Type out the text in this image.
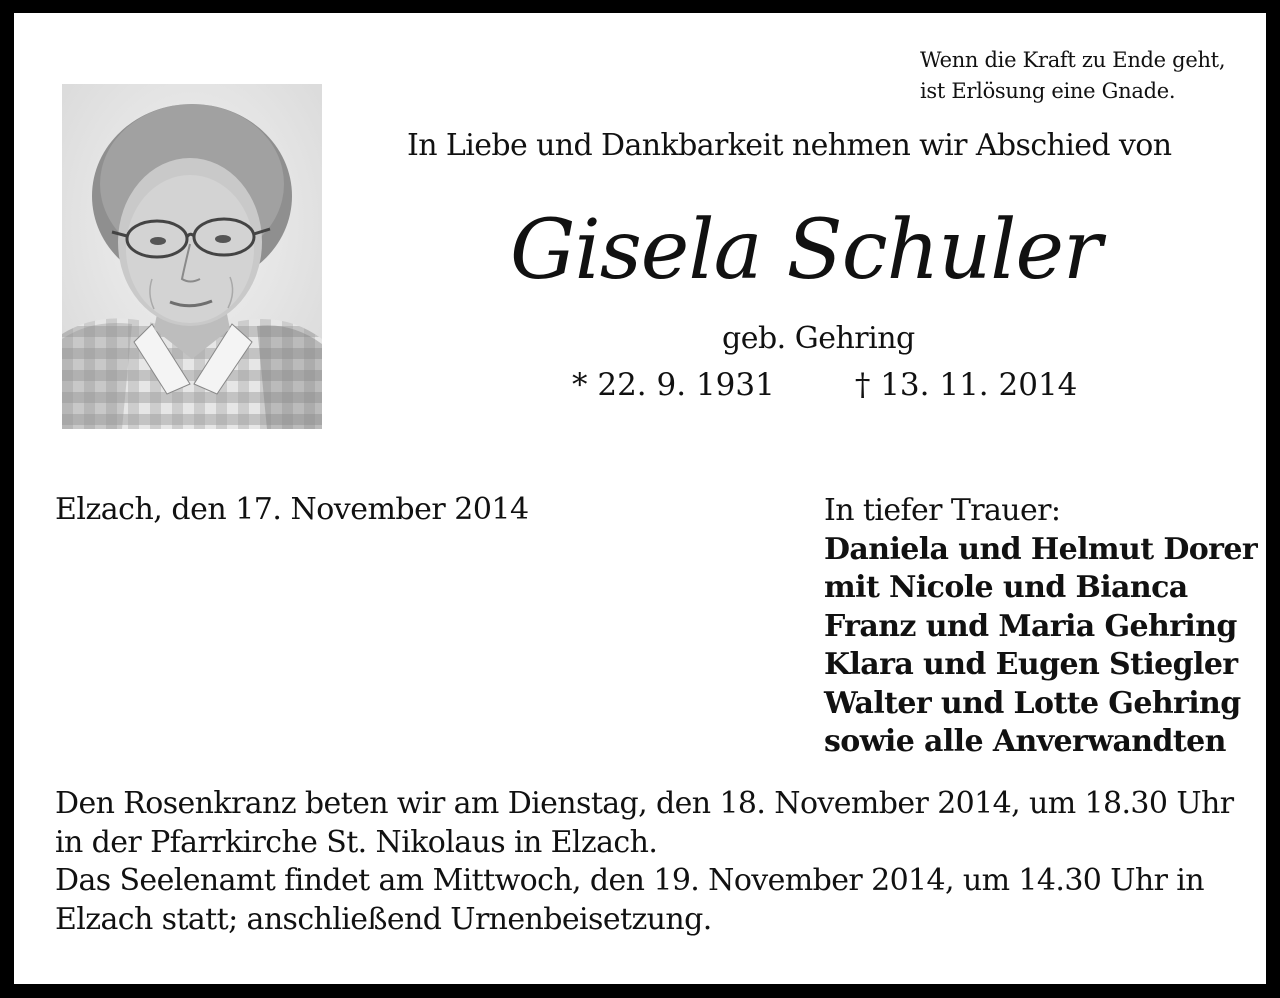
Wenn die Kraft zu Ende geht,
ist Erlösung eine Gnade.
In Liebe und Dankbarkeit nehmen wir Abschied von
Gisela Schuler
geb. Gehring
* 22. 9. 1931	† 13. 11. 2014
Elzach, den 17. November 2014	In tiefer Trauer:
Daniela und Helmut Dorer
mit Nicole und Bianca
Franz und Maria Gehring
Klara und Eugen Stiegler
Walter und Lotte Gehring
sowie alle Anverwandten
Den Rosenkranz beten wir am Dienstag, den 18. November 2014, um 18.30 Uhr
in der Pfarrkirche St. Nikolaus in Elzach.
Das Seelenamt findet am Mittwoch, den 19. November 2014, um 14.30 Uhr in
Elzach statt; anschließend Urnenbeisetzung.
